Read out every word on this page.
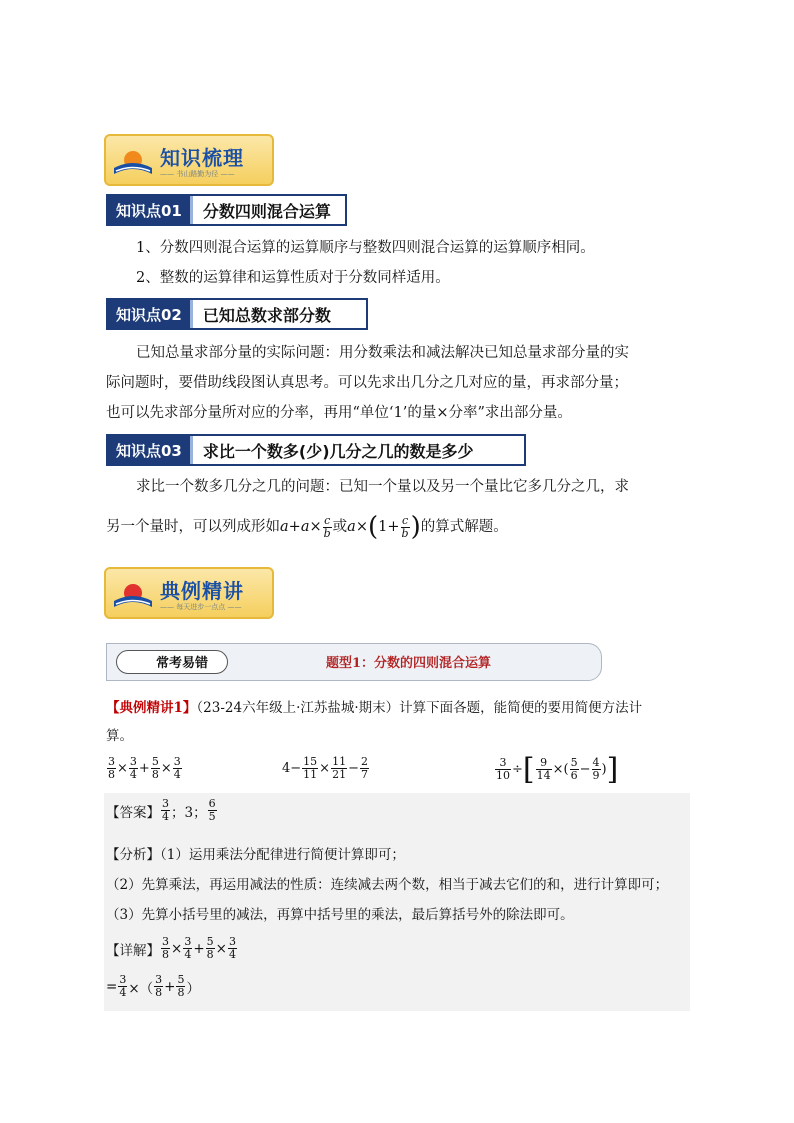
知识梳理
—— 书山路勤为径 ——
知识点01	分数四则混合运算
1、分数四则混合运算的运算顺序与整数四则混合运算的运算顺序相同。
2、整数的运算律和运算性质对于分数同样适用。
知识点02	已知总数求部分数
已知总量求部分量的实际问题：用分数乘法和减法解决已知总量求部分量的实
际问题时，要借助线段图认真思考。可以先求出几分之几对应的量，再求部分量；
也可以先求部分量所对应的分率，再用“单位‘1’的量×分率”求出部分量。
知识点03	求比一个数多(少)几分之几的数是多少
求比一个数多几分之几的问题：已知一个量以及另一个量比它多几分之几，求
另一个量时，可以列成形如 $a + a \times \frac{c}{b}$ 或 a × ( $1+ \frac{c}{b}$ ) 的算式解题。
典例精讲
—— 每天进步一点点 ——
常考易错	题型1：分数的四则混合运算
【典例精讲1】（23-24六年级上·江苏盐城·期末）计算下面各题，能简便的要用简便方法计
算。
$\frac{3}{8} \times \frac{3}{4} + \frac{5}{8} \times \frac{3}{4}$	$4- \frac{15}{11} \times \frac{11}{21} - \frac{2}{7}$	$\frac{3}{10}$ ÷ [ $\frac{9}{14}$ ×( $\frac{5}{6} - \frac{4}{9}$ ) ]
【答案】 $\frac{3}{4}$ ；3； $\frac{6}{5}$
【分析】（1）运用乘法分配律进行简便计算即可；
（2）先算乘法，再运用减法的性质：连续减去两个数，相当于减去它们的和，进行计算即可；
（3）先算小括号里的减法，再算中括号里的乘法，最后算括号外的除法即可。
【详解】 $\frac{3}{8} \times \frac{3}{4} + \frac{5}{8} \times \frac{3}{4}$
= $\frac{3}{4}$ ×（ $\frac{3}{8} + \frac{5}{8}$ ）
